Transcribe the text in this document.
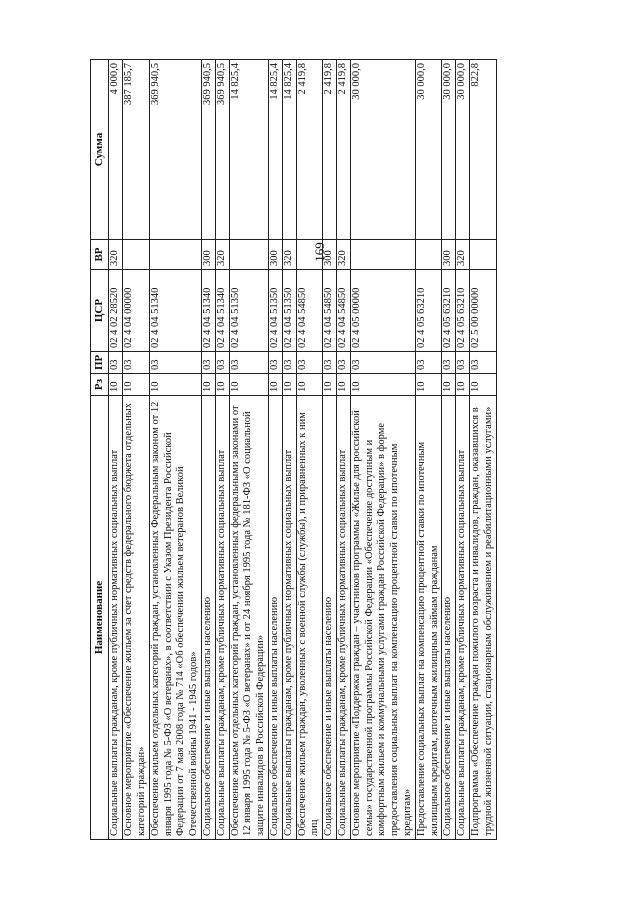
169
Наименование	Рз	ПР	ЦСР	ВР	Сумма
Социальные выплаты гражданам, кроме публичных нормативных социальных выплат	10	03	02 4 02 28520	320	4 000,0
Основное мероприятие «Обеспечение жильем за счет средств федерального бюджета отдельных категорий граждан»	10	03	02 4 04 00000		387 185,7
Обеспечение жильем отдельных категорий граждан, установленных Федеральным законом от 12 января 1995 года № 5-ФЗ «О ветеранах», в соответствии с Указом Президента Российской Федерации от 7 мая 2008 года № 714 «Об обеспечении жильем ветеранов Великой Отечественной войны 1941 - 1945 годов»	10	03	02 4 04 51340		369 940,5
Социальное обеспечение и иные выплаты населению	10	03	02 4 04 51340	300	369 940,5
Социальные выплаты гражданам, кроме публичных нормативных социальных выплат	10	03	02 4 04 51340	320	369 940,5
Обеспечение жильем отдельных категорий граждан, установленных федеральными законами от 12 января 1995 года № 5-ФЗ «О ветеранах» и от 24 ноября 1995 года № 181-ФЗ «О социальной защите инвалидов в Российской Федерации»	10	03	02 4 04 51350		14 825,4
Социальное обеспечение и иные выплаты населению	10	03	02 4 04 51350	300	14 825,4
Социальные выплаты гражданам, кроме публичных нормативных социальных выплат	10	03	02 4 04 51350	320	14 825,4
Обеспечение жильем граждан, уволенных с военной службы (службы), и приравненных к ним лиц	10	03	02 4 04 54850		2 419,8
Социальное обеспечение и иные выплаты населению	10	03	02 4 04 54850	300	2 419,8
Социальные выплаты гражданам, кроме публичных нормативных социальных выплат	10	03	02 4 04 54850	320	2 419,8
Основное мероприятие «Поддержка граждан – участников программы «Жилье для российской семьи» государственной программы Российской Федерации «Обеспечение доступным и комфортным жильем и коммунальными услугами граждан Российской Федерации» в форме предоставления социальных выплат на компенсацию процентной ставки по ипотечным кредитам»	10	03	02 4 05 00000		30 000,0
Предоставление социальных выплат на компенсацию процентной ставки по ипотечным жилищным кредитам, ипотечным жилищным займам гражданам	10	03	02 4 05 63210		30 000,0
Социальное обеспечение и иные выплаты населению	10	03	02 4 05 63210	300	30 000,0
Социальные выплаты гражданам, кроме публичных нормативных социальных выплат	10	03	02 4 05 63210	320	30 000,0
Подпрограмма «Обеспечение граждан пожилого возраста и инвалидов, граждан, оказавшихся в трудной жизненной ситуации, стационарным обслуживанием и реабилитационными услугами»	10	03	02 5 00 00000		822,8
